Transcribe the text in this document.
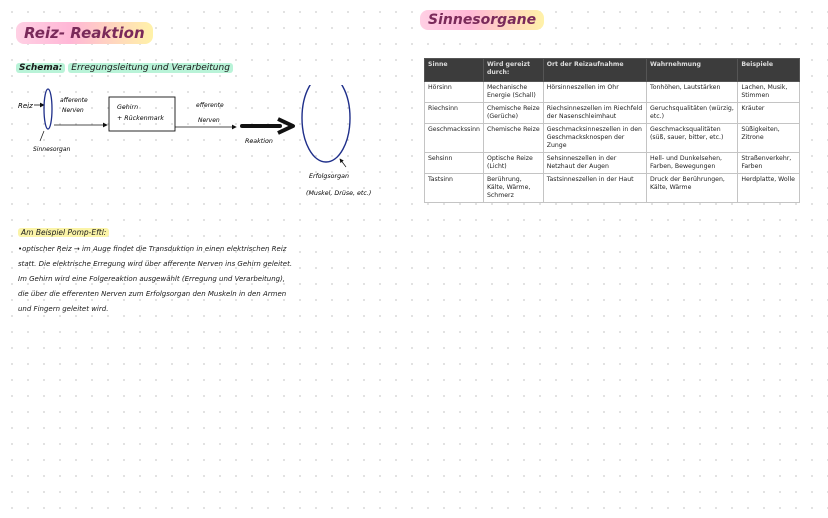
Reiz- Reaktion
Schema: Erregungsleitung und Verarbeitung
Reiz
afferente
Nerven
Sinnesorgan
Gehirn
+ Rückenmark
efferente
Nerven
Reaktion
Erfolgsorgan
(Muskel, Drüse, etc.)
Am Beispiel Pomp-Eftl:

•optischer Reiz → im Auge findet die Transduktion in einen elektrischen Reiz

statt. Die elektrische Erregung wird über afferente Nerven ins Gehirn geleitet.

Im Gehirn wird eine Folgereaktion ausgewählt (Erregung und Verarbeitung),

die über die efferenten Nerven zum Erfolgsorgan den Muskeln in den Armen

und Fingern geleitet wird.

Sinnesorgane
Sinne	Wird gereizt durch:	Ort der Reizaufnahme	Wahrnehmung	Beispiele
Hörsinn	Mechanische Energie (Schall)	Hörsinneszellen im Ohr	Tonhöhen, Lautstärken	Lachen, Musik, Stimmen
Riechsinn	Chemische Reize (Gerüche)	Riechsinneszellen im Riechfeld der Nasenschleimhaut	Geruchsqualitäten (würzig, etc.)	Kräuter
Geschmackssinn	Chemische Reize	Geschmacksinneszellen in den Geschmacksknospen der Zunge	Geschmacksqualitäten (süß, sauer, bitter, etc.)	Süßigkeiten, Zitrone
Sehsinn	Optische Reize (Licht)	Sehsinneszellen in der Netzhaut der Augen	Hell- und Dunkelsehen, Farben, Bewegungen	Straßenverkehr, Farben
Tastsinn	Berührung, Kälte, Wärme, Schmerz	Tastsinneszellen in der Haut	Druck der Berührungen, Kälte, Wärme	Herdplatte, Wolle
